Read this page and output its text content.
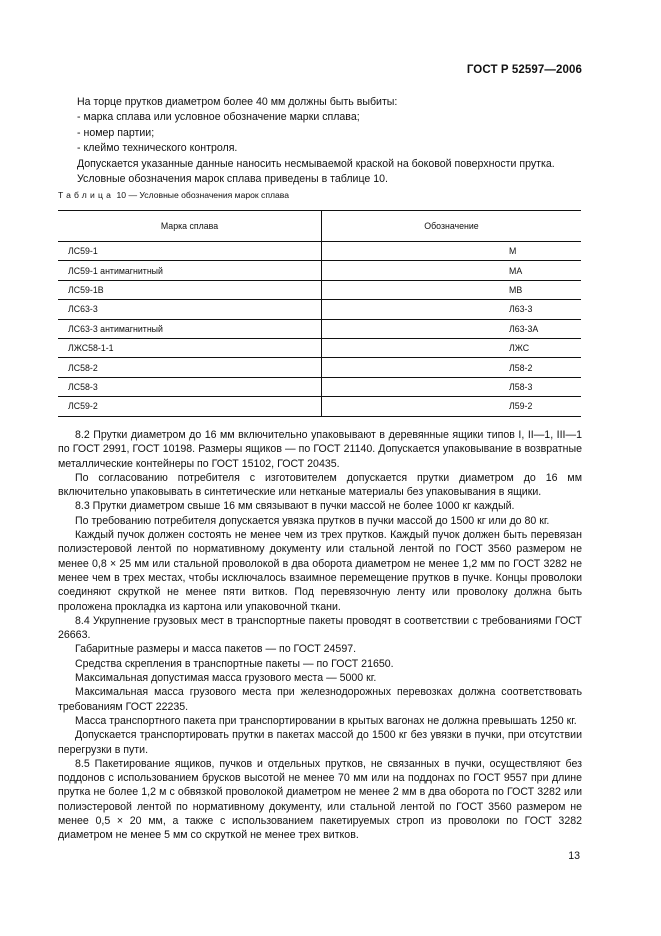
ГОСТ Р 52597—2006
На торце прутков диаметром более 40 мм должны быть выбиты:
- марка сплава или условное обозначение марки сплава;
- номер партии;
- клеймо технического контроля.
Допускается указанные данные наносить несмываемой краской на боковой поверхности прутка.
Условные обозначения марок сплава приведены в таблице 10.
Таблица 10 — Условные обозначения марок сплава
Марка сплава	Обозначение
ЛС59-1	М
ЛС59-1 антимагнитный	МА
ЛС59-1В	МВ
ЛС63-3	Л63-3
ЛС63-3 антимагнитный	Л63-3А
ЛЖС58-1-1	ЛЖС
ЛС58-2	Л58-2
ЛС58-3	Л58-3
ЛС59-2	Л59-2

8.2 Прутки диаметром до 16 мм включительно упаковывают в деревянные ящики типов I, II—1, III—1 по ГОСТ 2991, ГОСТ 10198. Размеры ящиков — по ГОСТ 21140. Допускается упаковывание в возвратные металлические контейнеры по ГОСТ 15102, ГОСТ 20435.

По согласованию потребителя с изготовителем допускается прутки диаметром до 16 мм включительно упаковывать в синтетические или нетканые материалы без упаковывания в ящики.

8.3 Прутки диаметром свыше 16 мм связывают в пучки массой не более 1000 кг каждый.

По требованию потребителя допускается увязка прутков в пучки массой до 1500 кг или до 80 кг.

Каждый пучок должен состоять не менее чем из трех прутков. Каждый пучок должен быть перевязан полиэстеровой лентой по нормативному документу или стальной лентой по ГОСТ 3560 размером не менее 0,8 × 25 мм или стальной проволокой в два оборота диаметром не менее 1,2 мм по ГОСТ 3282 не менее чем в трех местах, чтобы исключалось взаимное перемещение прутков в пучке. Концы проволоки соединяют скруткой не менее пяти витков. Под перевязочную ленту или проволоку должна быть проложена прокладка из картона или упаковочной ткани.

8.4 Укрупнение грузовых мест в транспортные пакеты проводят в соответствии с требованиями ГОСТ 26663.

Габаритные размеры и масса пакетов — по ГОСТ 24597.

Средства скрепления в транспортные пакеты — по ГОСТ 21650.

Максимальная допустимая масса грузового места — 5000 кг.

Максимальная масса грузового места при железнодорожных перевозках должна соответствовать требованиям ГОСТ 22235.

Масса транспортного пакета при транспортировании в крытых вагонах не должна превышать 1250 кг.

Допускается транспортировать прутки в пакетах массой до 1500 кг без увязки в пучки, при отсутствии перегрузки в пути.

8.5 Пакетирование ящиков, пучков и отдельных прутков, не связанных в пучки, осуществляют без поддонов с использованием брусков высотой не менее 70 мм или на поддонах по ГОСТ 9557 при длине прутка не более 1,2 м с обвязкой проволокой диаметром не менее 2 мм в два оборота по ГОСТ 3282 или полиэстеровой лентой по нормативному документу, или стальной лентой по ГОСТ 3560 размером не менее 0,5 × 20 мм, а также с использованием пакетируемых строп из проволоки по ГОСТ 3282 диаметром не менее 5 мм со скруткой не менее трех витков.

13
